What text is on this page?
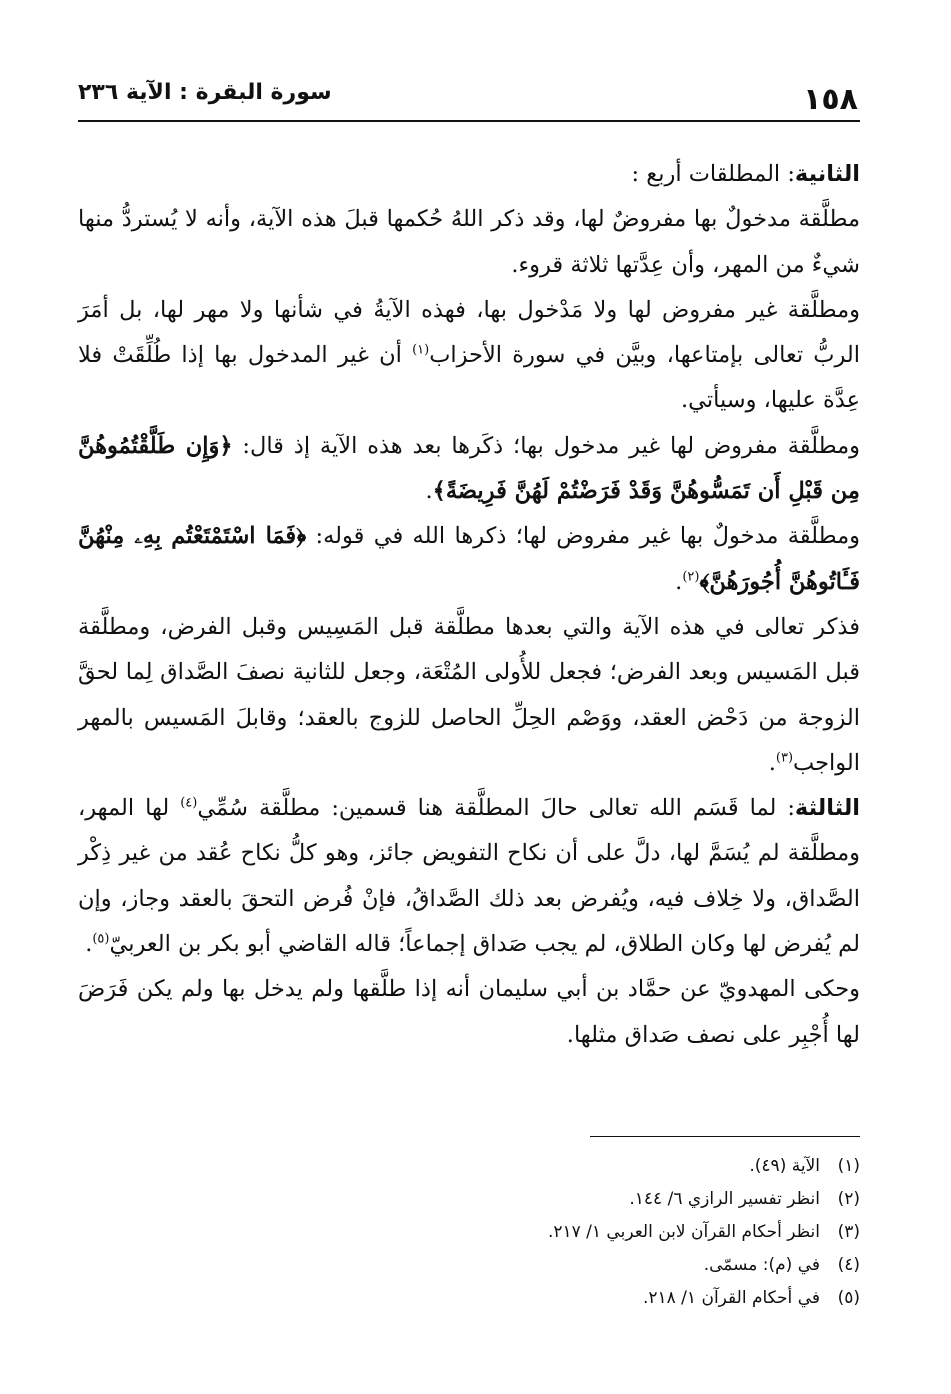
١٥٨
سورة البقرة : الآية ٢٣٦

الثانية: المطلقات أربع :

مطلَّقة مدخولٌ بها مفروضٌ لها، وقد ذكر اللهُ حُكمها قبلَ هذه الآية، وأنه لا يُستردُّ منها شيءٌ من المهر، وأن عِدَّتها ثلاثة قروء.

ومطلَّقة غير مفروض لها ولا مَدْخول بها، فهذه الآيةُ في شأنها ولا مهر لها، بل أمَرَ الربُّ تعالى بإمتاعها، وبيَّن في سورة الأحزاب$^{(١)}$ أن غير المدخول بها إذا طُلِّقَتْ فلا عِدَّة عليها، وسيأتي.

ومطلَّقة مفروض لها غير مدخول بها؛ ذكَرها بعد هذه الآية إذ قال: ﴿وَإِن طَلَّقْتُمُوهُنَّ مِن قَبْلِ أَن تَمَسُّوهُنَّ وَقَدْ فَرَضْتُمْ لَهُنَّ فَرِيضَةً﴾.

ومطلَّقة مدخولٌ بها غير مفروض لها؛ ذكرها الله في قوله: ﴿فَمَا اسْتَمْتَعْتُم بِهِۦ مِنْهُنَّ فَـَٔاتُوهُنَّ أُجُورَهُنَّ﴾$^{(٢)}$.

فذكر تعالى في هذه الآية والتي بعدها مطلَّقة قبل المَسِيس وقبل الفرض، ومطلَّقة قبل المَسيس وبعد الفرض؛ فجعل للأُولى المُتْعَة، وجعل للثانية نصفَ الصَّداق لِما لحقَّ الزوجة من دَحْض العقد، ووَصْم الحِلِّ الحاصل للزوج بالعقد؛ وقابلَ المَسيس بالمهر الواجب$^{(٣)}$.

الثالثة: لما قَسَم الله تعالى حالَ المطلَّقة هنا قسمين: مطلَّقة سُمِّي$^{(٤)}$ لها المهر، ومطلَّقة لم يُسَمَّ لها، دلَّ على أن نكاح التفويض جائز، وهو كلُّ نكاح عُقد من غير ذِكْر الصَّداق، ولا خِلاف فيه، ويُفرض بعد ذلك الصَّداقُ، فإنْ فُرض التحقَ بالعقد وجاز، وإن لم يُفرض لها وكان الطلاق، لم يجب صَداق إجماعاً؛ قاله القاضي أبو بكر بن العربيّ$^{(٥)}$.

وحكى المهدويّ عن حمَّاد بن أبي سليمان أنه إذا طلَّقها ولم يدخل بها ولم يكن فَرَضَ لها أُجْبِر على نصف صَداق مثلها.

(١)الآية (٤٩).
(٢)انظر تفسير الرازي ٦/ ١٤٤.
(٣)انظر أحكام القرآن لابن العربي ١/ ٢١٧.
(٤)في (م): مسمّى.
(٥)في أحكام القرآن ١/ ٢١٨.
